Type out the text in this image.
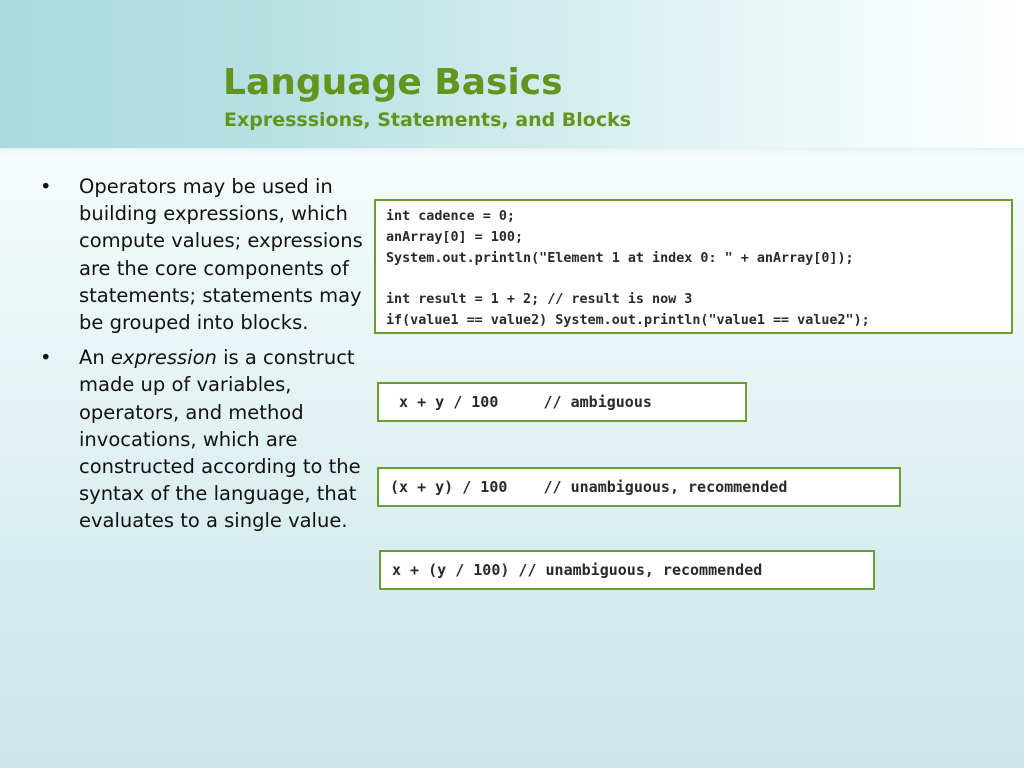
Language Basics
Expresssions, Statements, and Blocks
• Operators may be used in building expressions, which compute values; expressions are the core components of statements; statements may be grouped into blocks.
• An expression is a construct made up of variables, operators, and method invocations, which are constructed according to the syntax of the language, that evaluates to a single value.
int cadence = 0;
anArray[0] = 100;
System.out.println("Element 1 at index 0: " + anArray[0]);
int result = 1 + 2; // result is now 3
if(value1 == value2) System.out.println("value1 == value2");
x + y / 100     // ambiguous
(x + y) / 100    // unambiguous, recommended
x + (y / 100) // unambiguous, recommended
